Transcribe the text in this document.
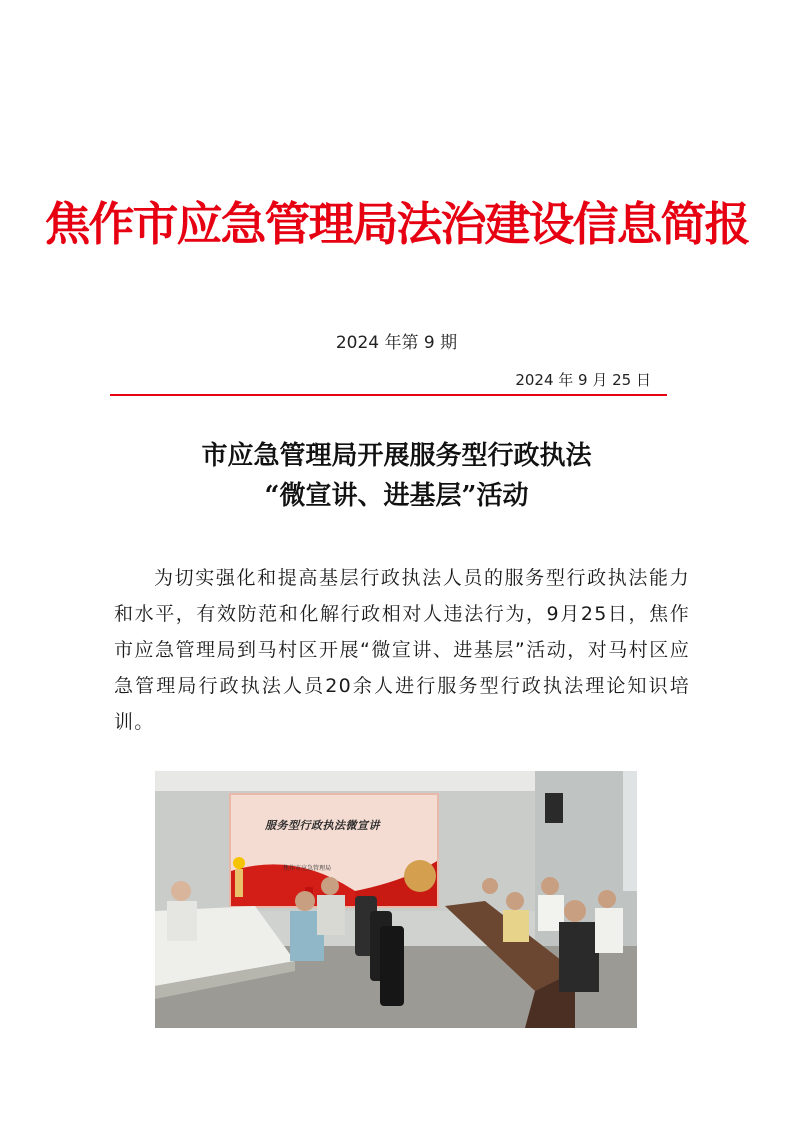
焦作市应急管理局法治建设信息简报
2024 年第 9 期
2024 年 9 月 25 日
市应急管理局开展服务型行政执法
“微宣讲、进基层”活动
为切实强化和提高基层行政执法人员的服务型行政执法能力和水平，有效防范和化解行政相对人违法行为，9月25日，焦作市应急管理局到马村区开展“微宣讲、进基层”活动，对马村区应急管理局行政执法人员20余人进行服务型行政执法理论知识培训。
服务型行政执法微宣讲
焦作市应急管理局
